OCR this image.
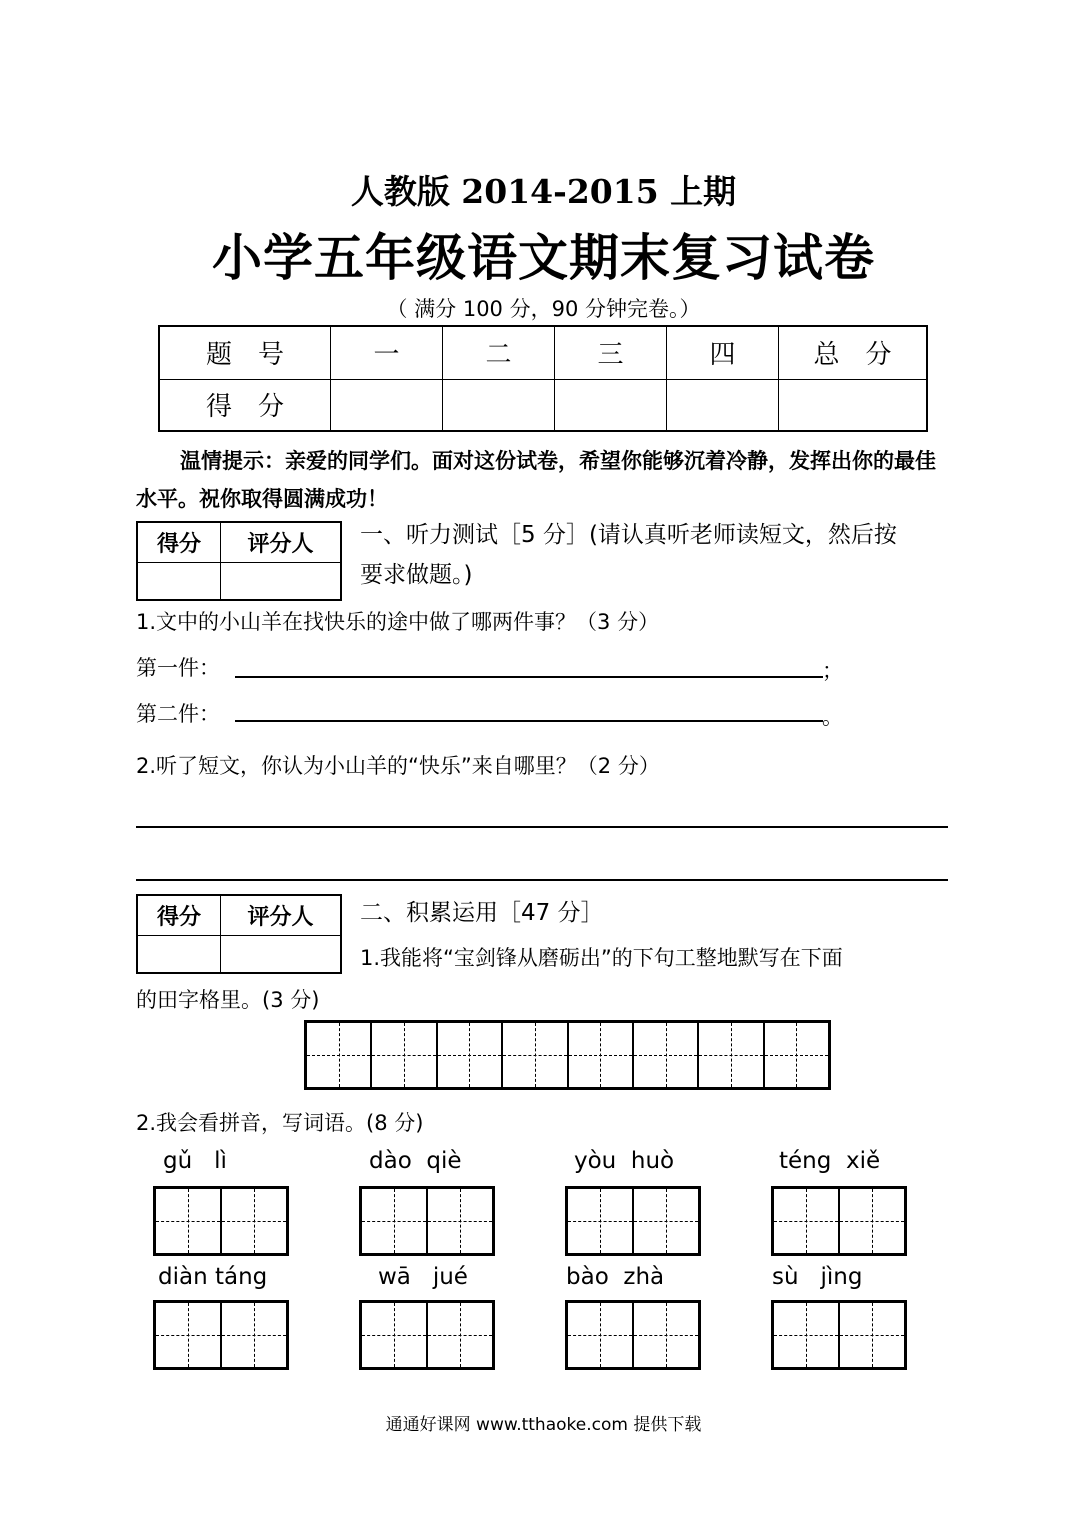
人教版 2014-2015 上期
小学五年级语文期末复习试卷
（ 满分 100 分，90 分钟完卷。）
题　号	一	二	三	四	总　分
得　分					
温情提示：亲爱的同学们。面对这份试卷，希望你能够沉着冷静，发挥出你的最佳水平。祝你取得圆满成功！
得分	评分人
	一、听力测试［5 分］(请认真听老师读短文，然后按
要求做题。)
1.文中的小山羊在找快乐的途中做了哪两件事？（3 分）
第一件：	；
第二件：	。
2.听了短文，你认为小山羊的“快乐”来自哪里？（2 分）
得分	评分人
	二、积累运用［47 分］
1.我能将“宝剑锋从磨砺出”的下句工整地默写在下面
的田字格里。(3 分)
2.我会看拼音，写词语。(8 分)
gǔ   lì	dào  qiè	yòu  huò	téng  xiě
diàn táng	wā   jué	bào  zhà	sù   jìng
通通好课网 www.tthaoke.com 提供下载
